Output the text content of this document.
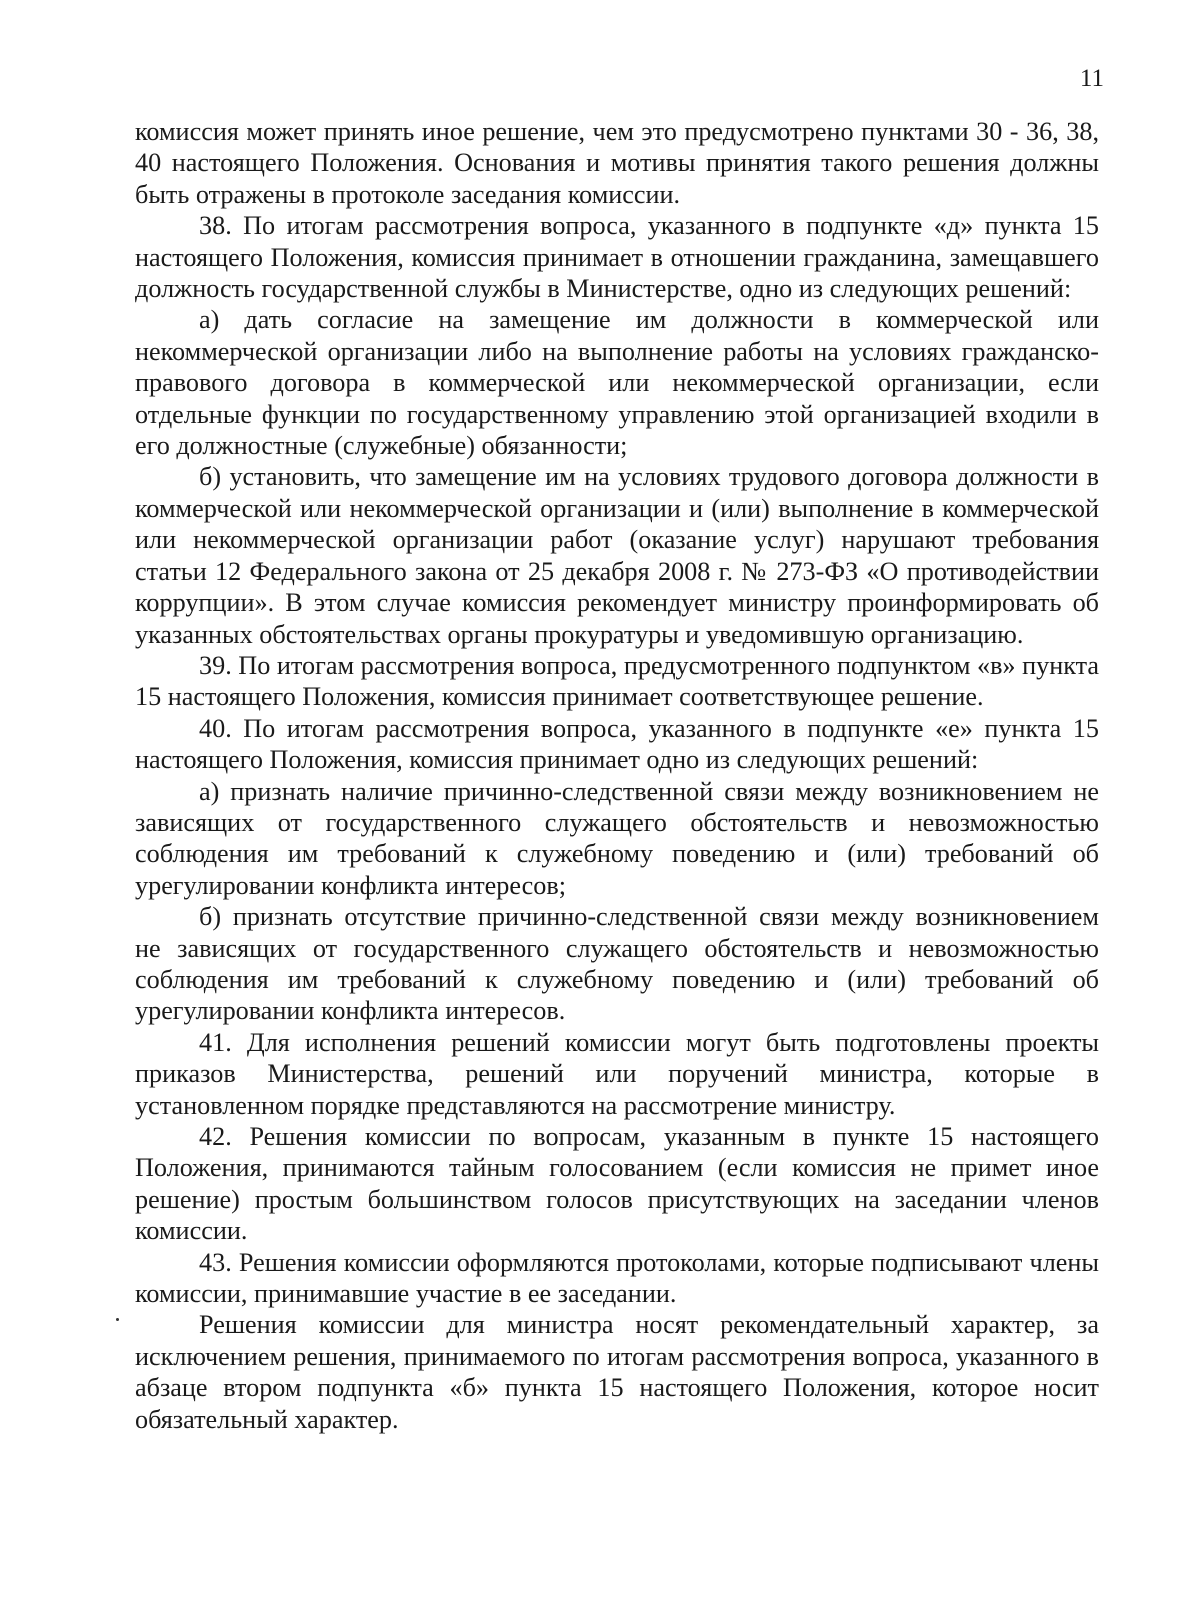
11

комиссия может принять иное решение, чем это предусмотрено пунктами 30 - 36, 38, 40 настоящего Положения. Основания и мотивы принятия такого решения должны быть отражены в протоколе заседания комиссии.

38. По итогам рассмотрения вопроса, указанного в подпункте «д» пункта 15 настоящего Положения, комиссия принимает в отношении гражданина, замещавшего должность государственной службы в Министерстве, одно из следующих решений:

а) дать согласие на замещение им должности в коммерческой или некоммерческой организации либо на выполнение работы на условиях гражданско-правового договора в коммерческой или некоммерческой организации, если отдельные функции по государственному управлению этой организацией входили в его должностные (служебные) обязанности;

б) установить, что замещение им на условиях трудового договора должности в коммерческой или некоммерческой организации и (или) выполнение в коммерческой или некоммерческой организации работ (оказание услуг) нарушают требования статьи 12 Федерального закона от 25 декабря 2008 г. № 273-ФЗ «О противодействии коррупции». В этом случае комиссия рекомендует министру проинформировать об указанных обстоятельствах органы прокуратуры и уведомившую организацию.

39. По итогам рассмотрения вопроса, предусмотренного подпунктом «в» пункта 15 настоящего Положения, комиссия принимает соответствующее решение.

40. По итогам рассмотрения вопроса, указанного в подпункте «е» пункта 15 настоящего Положения, комиссия принимает одно из следующих решений:

а) признать наличие причинно-следственной связи между возникновением не зависящих от государственного служащего обстоятельств и невозможностью соблюдения им требований к служебному поведению и (или) требований об урегулировании конфликта интересов;

б) признать отсутствие причинно-следственной связи между возникновением не зависящих от государственного служащего обстоятельств и невозможностью соблюдения им требований к служебному поведению и (или) требований об урегулировании конфликта интересов.

41. Для исполнения решений комиссии могут быть подготовлены проекты приказов Министерства, решений или поручений министра, которые в установленном порядке представляются на рассмотрение министру.

42. Решения комиссии по вопросам, указанным в пункте 15 настоящего Положения, принимаются тайным голосованием (если комиссия не примет иное решение) простым большинством голосов присутствующих на заседании членов комиссии.

43. Решения комиссии оформляются протоколами, которые подписывают члены комиссии, принимавшие участие в ее заседании.

Решения комиссии для министра носят рекомендательный характер, за исключением решения, принимаемого по итогам рассмотрения вопроса, указанного в абзаце втором подпункта «б» пункта 15 настоящего Положения, которое носит обязательный характер.
